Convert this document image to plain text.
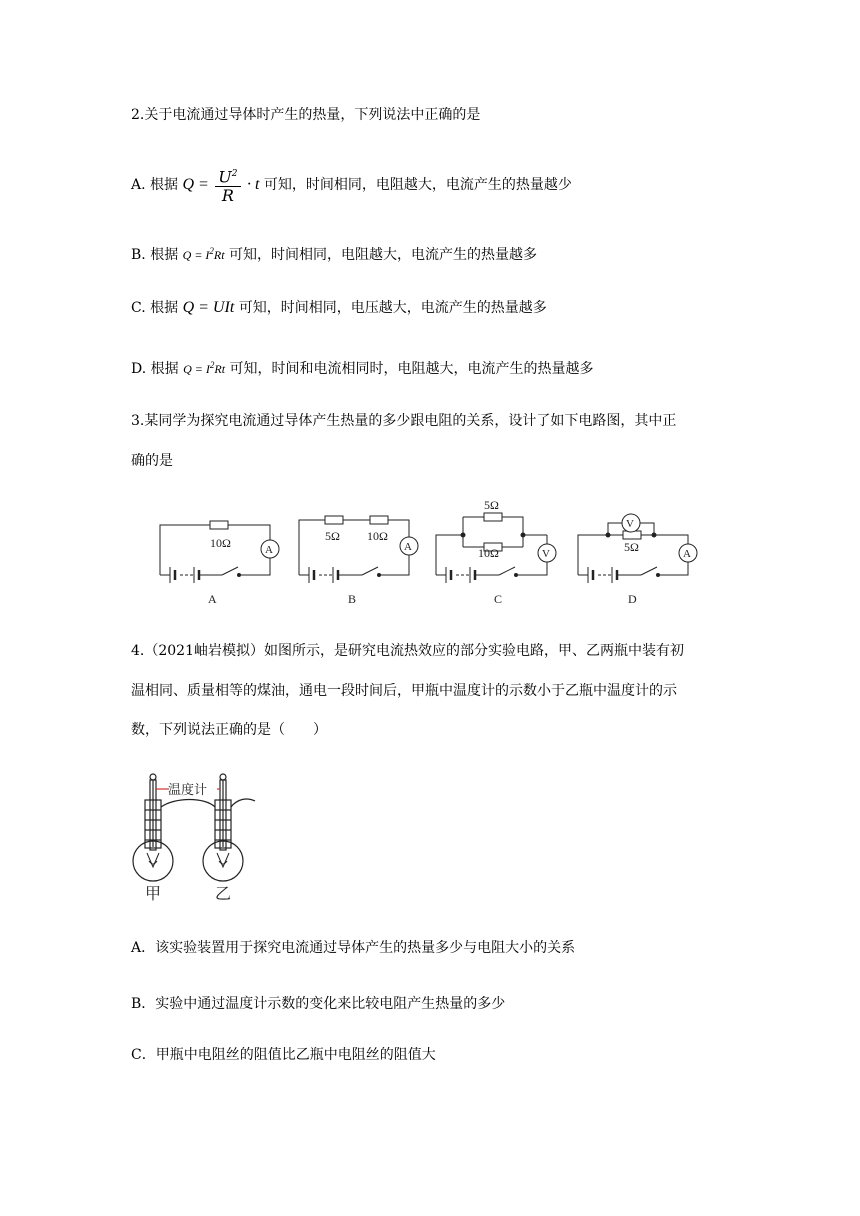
2.关于电流通过导体时产生的热量，下列说法中正确的是
A. 根据 $Q = \frac{U^2}{R} \cdot t$ 可知，时间相同，电阻越大，电流产生的热量越少
B. 根据 $Q = I^2Rt$ 可知，时间相同，电阻越大，电流产生的热量越多
C. 根据 Q = UIt 可知，时间相同，电压越大，电流产生的热量越多
D. 根据 $Q = I^2Rt$ 可知，时间和电流相同时，电阻越大，电流产生的热量越多
3.某同学为探究电流通过导体产生热量的多少跟电阻的关系，设计了如下电路图，其中正
确的是
10Ω	A
A
5Ω 10Ω
A
B
5Ω
10Ω	V
C
5Ω
V
A
D
4.（2021岫岩模拟）如图所示，是研究电流热效应的部分实验电路，甲、乙两瓶中装有初
温相同、质量相等的煤油，通电一段时间后，甲瓶中温度计的示数小于乙瓶中温度计的示
数，下列说法正确的是（　　）
温度计
甲	乙
A．该实验装置用于探究电流通过导体产生的热量多少与电阻大小的关系
B．实验中通过温度计示数的变化来比较电阻产生热量的多少
C．甲瓶中电阻丝的阻值比乙瓶中电阻丝的阻值大
